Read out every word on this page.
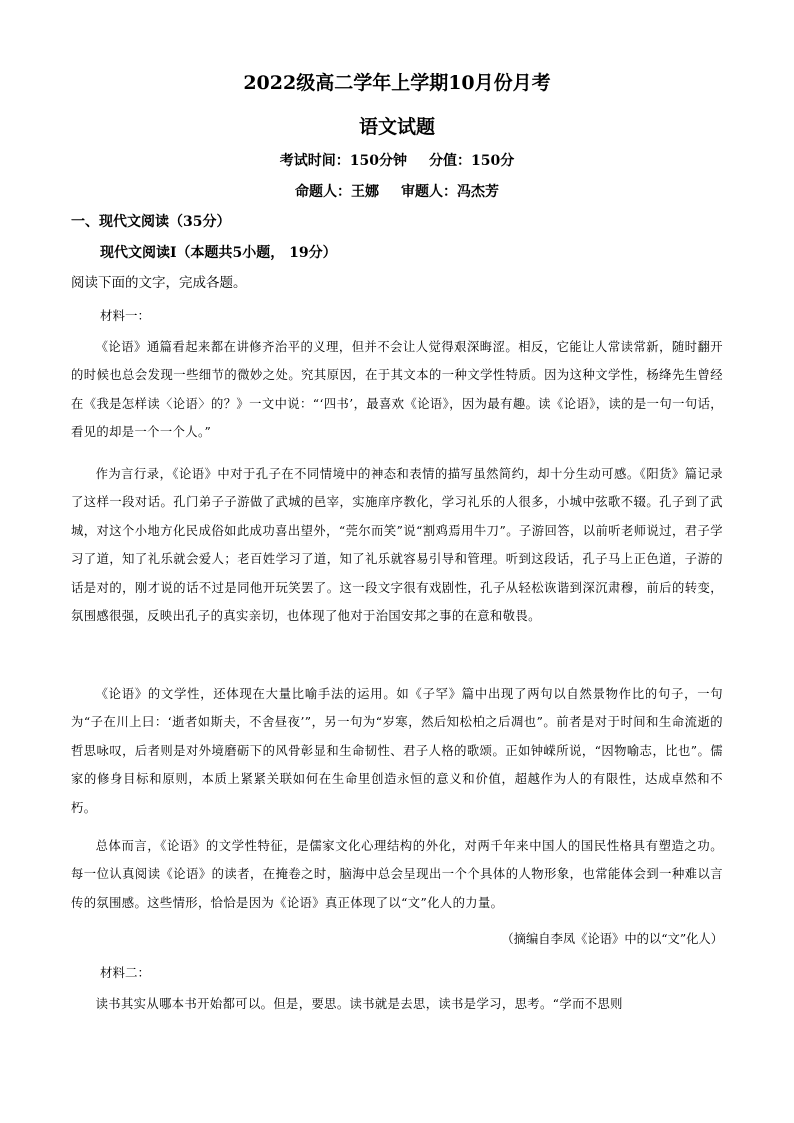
2022级高二学年上学期10月份月考
语文试题
考试时间：150分钟 分值：150分
命题人：王娜 审题人：冯杰芳
一、现代文阅读（35分）
现代文阅读Ⅰ（本题共5小题， 19分）
阅读下面的文字，完成各题。
材料一：

《论语》通篇看起来都在讲修齐治平的义理，但并不会让人觉得艰深晦涩。相反，它能让人常读常新，随时翻开的时候也总会发现一些细节的微妙之处。究其原因，在于其文本的一种文学性特质。因为这种文学性，杨绛先生曾经在《我是怎样读〈论语〉的？》一文中说：“‘四书’，最喜欢《论语》，因为最有趣。读《论语》，读的是一句一句话，看见的却是一个一个人。”

作为言行录，《论语》中对于孔子在不同情境中的神态和表情的描写虽然简约，却十分生动可感。《阳货》篇记录了这样一段对话。孔门弟子子游做了武城的邑宰，实施庠序教化，学习礼乐的人很多，小城中弦歌不辍。孔子到了武城，对这个小地方化民成俗如此成功喜出望外，“莞尔而笑”说“割鸡焉用牛刀”。子游回答，以前听老师说过，君子学习了道，知了礼乐就会爱人；老百姓学习了道，知了礼乐就容易引导和管理。听到这段话，孔子马上正色道，子游的话是对的，刚才说的话不过是同他开玩笑罢了。这一段文字很有戏剧性，孔子从轻松诙谐到深沉肃穆，前后的转变，氛围感很强，反映出孔子的真实亲切，也体现了他对于治国安邦之事的在意和敬畏。

《论语》的文学性，还体现在大量比喻手法的运用。如《子罕》篇中出现了两句以自然景物作比的句子，一句为“子在川上曰：‘逝者如斯夫，不舍昼夜’”，另一句为“岁寒，然后知松柏之后凋也”。前者是对于时间和生命流逝的哲思咏叹，后者则是对外境磨砺下的风骨彰显和生命韧性、君子人格的歌颂。正如钟嵘所说，“因物喻志，比也”。儒家的修身目标和原则，本质上紧紧关联如何在生命里创造永恒的意义和价值，超越作为人的有限性，达成卓然和不朽。

总体而言，《论语》的文学性特征，是儒家文化心理结构的外化，对两千年来中国人的国民性格具有塑造之功。每一位认真阅读《论语》的读者，在掩卷之时，脑海中总会呈现出一个个具体的人物形象，也常能体会到一种难以言传的氛围感。这些情形，恰恰是因为《论语》真正体现了以“文”化人的力量。

（摘编自李凤《论语》中的以“文”化人）
材料二：

读书其实从哪本书开始都可以。但是，要思。读书就是去思，读书是学习，思考。“学而不思则
